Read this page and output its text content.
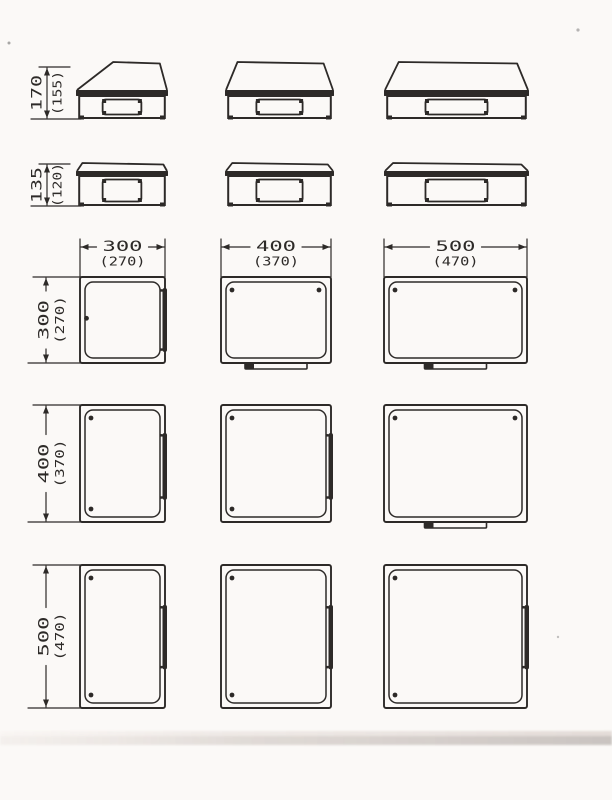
170 (155)
135 (120)
300 (270)
400 (370)
500 (470)
300
(270)
400
(370)
500
(470)
